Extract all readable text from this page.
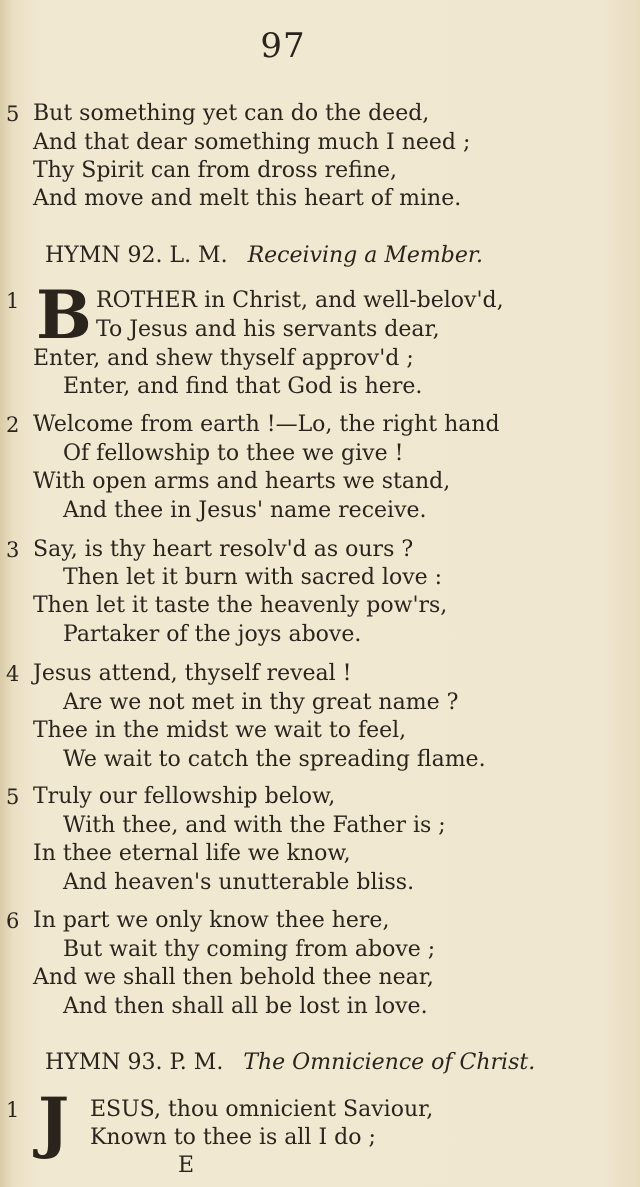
97
5 But something yet can do the deed,
And that dear something much I need ;
Thy Spirit can from dross refine,
And move and melt this heart of mine.
HYMN 92. L. M. Receiving a Member.
1 B ROTHER in Christ, and well-belov'd,
To Jesus and his servants dear,
Enter, and shew thyself approv'd ;
Enter, and find that God is here.
2 Welcome from earth !—Lo, the right hand
Of fellowship to thee we give !
With open arms and hearts we stand,
And thee in Jesus' name receive.
3 Say, is thy heart resolv'd as ours ?
Then let it burn with sacred love :
Then let it taste the heavenly pow'rs,
Partaker of the joys above.
4 Jesus attend, thyself reveal !
Are we not met in thy great name ?
Thee in the midst we wait to feel,
We wait to catch the spreading flame.
5 Truly our fellowship below,
With thee, and with the Father is ;
In thee eternal life we know,
And heaven's unutterable bliss.
6 In part we only know thee here,
But wait thy coming from above ;
And we shall then behold thee near,
And then shall all be lost in love.
HYMN 93. P. M. The Omnicience of Christ.
1 J ESUS, thou omnicient Saviour,
Known to thee is all I do ;
E
